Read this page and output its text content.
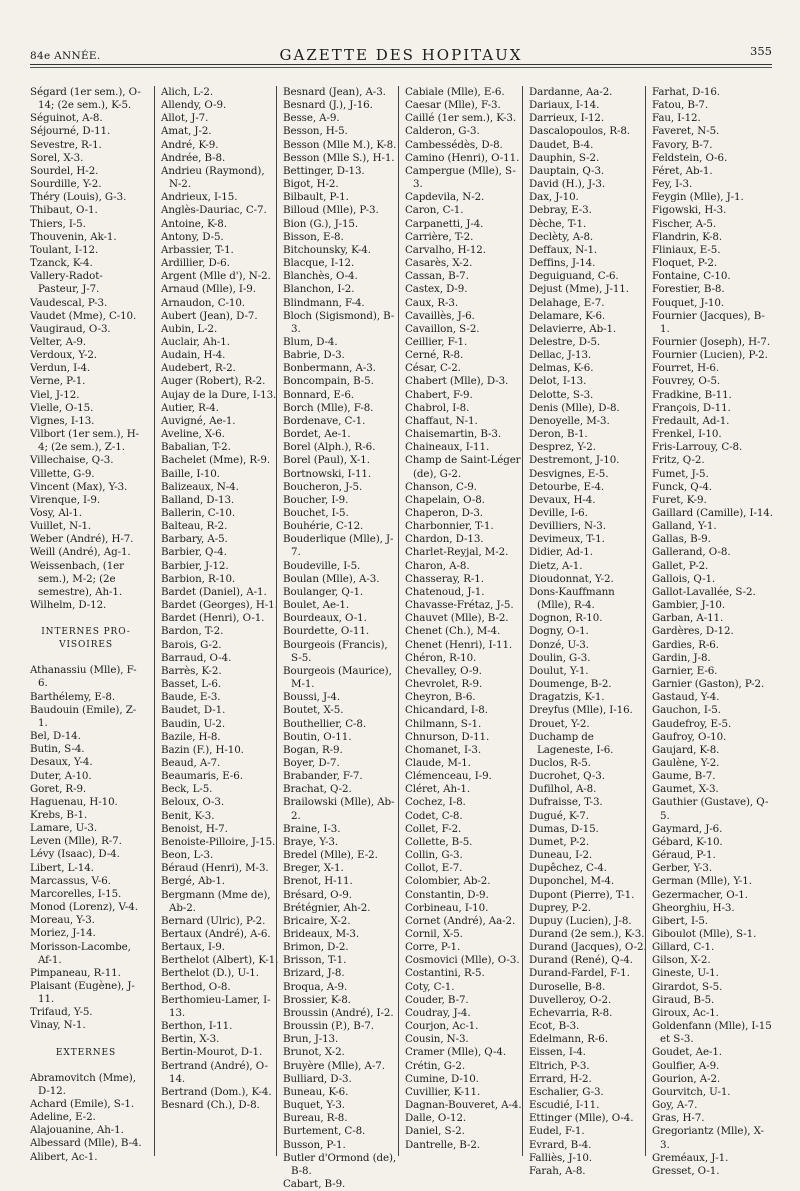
84e ANNÉE.	GAZETTE DES HOPITAUX	355
Ségard (1er sem.), O-14; (2e sem.), K-5.
Séguinot, A-8.
Séjourné, D-11.
Sevestre, R-1.
Sorel, X-3.
Sourdel, H-2.
Sourdille, Y-2.
Théry (Louis), G-3.
Thibaut, O-1.
Thiers, I-5.
Thouvenin, Ak-1.
Toulant, I-12.
Tzanck, K-4.
Vallery-Radot-Pasteur, J-7.
Vaudescal, P-3.
Vaudet (Mme), C-10.
Vaugiraud, O-3.
Velter, A-9.
Verdoux, Y-2.
Verdun, I-4.
Verne, P-1.
Viel, J-12.
Vielle, O-15.
Vignes, I-13.
Vilbort (1er sem.), H-4; (2e sem.), Z-1.
Villechaise, Q-3.
Villette, G-9.
Vincent (Max), Y-3.
Virenque, I-9.
Vosy, Al-1.
Vuillet, N-1.
Weber (André), H-7.
Weill (André), Ag-1.
Weissenbach, (1er sem.), M-2; (2e semestre), Ah-1.
Wilhelm, D-12.
INTERNES PRO-VISOIRES
Athanassiu (Mlle), F-6.
Barthélemy, E-8.
Baudouin (Emile), Z-1.
Bel, D-14.
Butin, S-4.
Desaux, Y-4.
Duter, A-10.
Goret, R-9.
Haguenau, H-10.
Krebs, B-1.
Lamare, U-3.
Leven (Mlle), R-7.
Lévy (Isaac), D-4.
Libert, L-14.
Marcassus, V-6.
Marcorelles, I-15.
Monod (Lorenz), V-4.
Moreau, Y-3.
Moriez, J-14.
Morisson-Lacombe, Af-1.
Pimpaneau, R-11.
Plaisant (Eugène), J-11.
Trifaud, Y-5.
Vinay, N-1.
EXTERNES
Abramovitch (Mme), D-12.
Achard (Emile), S-1.
Adeline, E-2.
Alajouanine, Ah-1.
Albessard (Mlle), B-4.
Alibert, Ac-1.
Alich, L-2.
Allendy, O-9.
Allot, J-7.
Amat, J-2.
André, K-9.
Andrée, B-8.
Andrieu (Raymond), N-2.
Andrieux, I-15.
Anglès-Dauriac, C-7.
Antoine, K-8.
Antony, D-5.
Arbassier, T-1.
Ardillier, D-6.
Argent (Mlle d'), N-2.
Arnaud (Mlle), I-9.
Arnaudon, C-10.
Aubert (Jean), D-7.
Aubin, L-2.
Auclair, Ah-1.
Audain, H-4.
Audebert, R-2.
Auger (Robert), R-2.
Aujay de la Dure, I-13.
Autier, R-4.
Auvigné, Ae-1.
Aveline, X-6.
Babalian, T-2.
Bachelet (Mme), R-9.
Baille, I-10.
Balizeaux, N-4.
Balland, D-13.
Ballerin, C-10.
Balteau, R-2.
Barbary, A-5.
Barbier, Q-4.
Barbier, J-12.
Barbion, R-10.
Bardet (Daniel), A-1.
Bardet (Georges), H-1.
Bardet (Henri), O-1.
Bardon, T-2.
Barois, G-2.
Barraud, O-4.
Barrès, K-2.
Basset, L-6.
Baude, E-3.
Baudet, D-1.
Baudin, U-2.
Bazile, H-8.
Bazin (F.), H-10.
Beaud, A-7.
Beaumaris, E-6.
Beck, L-5.
Beloux, O-3.
Benit, K-3.
Benoist, H-7.
Benoiste-Pilloire, J-15.
Beon, L-3.
Béraud (Henri), M-3.
Bergé, Ab-1.
Bergmann (Mme de), Ab-2.
Bernard (Ulric), P-2.
Bertaux (André), A-6.
Bertaux, I-9.
Berthelot (Albert), K-1.
Berthelot (D.), U-1.
Berthod, O-8.
Berthomieu-Lamer, I-13.
Berthon, I-11.
Bertin, X-3.
Bertin-Mourot, D-1.
Bertrand (André), O-14.
Bertrand (Dom.), K-4.
Besnard (Ch.), D-8.
Besnard (Jean), A-3.
Besnard (J.), J-16.
Besse, A-9.
Besson, H-5.
Besson (Mlle M.), K-8.
Besson (Mlle S.), H-1.
Bettinger, D-13.
Bigot, H-2.
Bilbault, P-1.
Billoud (Mlle), P-3.
Bion (G.), J-15.
Bisson, E-8.
Bitchounsky, K-4.
Blacque, I-12.
Blanchès, O-4.
Blanchon, I-2.
Blindmann, F-4.
Bloch (Sigismond), B-3.
Blum, D-4.
Babrie, D-3.
Bonbermann, A-3.
Boncompain, B-5.
Bonnard, E-6.
Borch (Mlle), F-8.
Bordenave, C-1.
Bordet, Ae-1.
Borel (Alph.), R-6.
Borel (Paul), X-1.
Bortnowski, I-11.
Boucheron, J-5.
Boucher, I-9.
Bouchet, I-5.
Bouhérie, C-12.
Bouderlique (Mlle), J-7.
Boudeville, I-5.
Boulan (Mlle), A-3.
Boulanger, Q-1.
Boulet, Ae-1.
Bourdeaux, O-1.
Bourdette, O-11.
Bourgeois (Francis), S-5.
Bourgeois (Maurice), M-1.
Boussi, J-4.
Boutet, X-5.
Bouthellier, C-8.
Boutin, O-11.
Bogan, R-9.
Boyer, D-7.
Brabander, F-7.
Brachat, Q-2.
Brailowski (Mlle), Ab-2.
Braine, I-3.
Braye, Y-3.
Bredel (Mlle), E-2.
Breger, X-1.
Brenot, H-11.
Brésard, O-9.
Brétégnier, Ah-2.
Bricaire, X-2.
Brideaux, M-3.
Brimon, D-2.
Brisson, T-1.
Brizard, J-8.
Broqua, A-9.
Brossier, K-8.
Broussin (André), I-2.
Broussin (P.), B-7.
Brun, J-13.
Brunot, X-2.
Bruyère (Mlle), A-7.
Bulliard, D-3.
Buneau, K-6.
Buquet, Y-3.
Bureau, R-8.
Burtement, C-8.
Busson, P-1.
Butler d'Ormond (de), B-8.
Cabart, B-9.
Cabiale (Mlle), E-6.
Caesar (Mlle), F-3.
Caillé (1er sem.), K-3.
Calderon, G-3.
Cambessédès, D-8.
Camino (Henri), O-11.
Campergue (Mlle), S-3.
Capdevila, N-2.
Caron, C-1.
Carpanetti, J-4.
Carrière, T-2.
Carvalho, H-12.
Casarès, X-2.
Cassan, B-7.
Castex, D-9.
Caux, R-3.
Cavaillès, J-6.
Cavaillon, S-2.
Ceillier, F-1.
Cerné, R-8.
César, C-2.
Chabert (Mlle), D-3.
Chabert, F-9.
Chabrol, I-8.
Chaffaut, N-1.
Chaisemartin, B-3.
Chaineaux, I-11.
Champ de Saint-Léger (de), G-2.
Chanson, C-9.
Chapelain, O-8.
Chaperon, D-3.
Charbonnier, T-1.
Chardon, D-13.
Charlet-Reyjal, M-2.
Charon, A-8.
Chasseray, R-1.
Chatenoud, J-1.
Chavasse-Frétaz, J-5.
Chauvet (Mlle), B-2.
Chenet (Ch.), M-4.
Chenet (Henri), I-11.
Chéron, R-10.
Chevalley, O-9.
Chevrolet, R-9.
Cheyron, B-6.
Chicandard, I-8.
Chilmann, S-1.
Chnurson, D-11.
Chomanet, I-3.
Claude, M-1.
Clémenceau, I-9.
Cléret, Ah-1.
Cochez, I-8.
Codet, C-8.
Collet, F-2.
Collette, B-5.
Collin, G-3.
Collot, E-7.
Colombier, Ab-2.
Constantin, D-9.
Corbineau, I-10.
Cornet (André), Aa-2.
Cornil, X-5.
Corre, P-1.
Cosmovici (Mlle), O-3.
Costantini, R-5.
Coty, C-1.
Couder, B-7.
Coudray, J-4.
Courjon, Ac-1.
Cousin, N-3.
Cramer (Mlle), Q-4.
Crétin, G-2.
Cumine, D-10.
Cuvillier, K-11.
Dagnan-Bouveret, A-4.
Dalle, O-12.
Daniel, S-2.
Dantrelle, B-2.
Dardanne, Aa-2.
Dariaux, I-14.
Darrieux, I-12.
Dascalopoulos, R-8.
Daudet, B-4.
Dauphin, S-2.
Dauptain, Q-3.
David (H.), J-3.
Dax, J-10.
Debray, E-3.
Dèche, T-1.
Declèty, A-8.
Deffaux, N-1.
Deffins, J-14.
Deguiguand, C-6.
Dejust (Mme), J-11.
Delahage, E-7.
Delamare, K-6.
Delavierre, Ab-1.
Delestre, D-5.
Dellac, J-13.
Delmas, K-6.
Delot, I-13.
Delotte, S-3.
Denis (Mlle), D-8.
Denoyelle, M-3.
Deron, B-1.
Desprez, Y-2.
Destremont, J-10.
Desvignes, E-5.
Detourbe, E-4.
Devaux, H-4.
Deville, I-6.
Devilliers, N-3.
Devimeux, T-1.
Didier, Ad-1.
Dietz, A-1.
Dioudonnat, Y-2.
Dons-Kauffmann (Mlle), R-4.
Dognon, R-10.
Dogny, O-1.
Donzé, U-3.
Doulin, G-3.
Doulut, Y-1.
Doumenge, B-2.
Dragatzis, K-1.
Dreyfus (Mlle), I-16.
Drouet, Y-2.
Duchamp de Lageneste, I-6.
Duclos, R-5.
Ducrohet, Q-3.
Dufilhol, A-8.
Dufraisse, T-3.
Dugué, K-7.
Dumas, D-15.
Dumet, P-2.
Duneau, I-2.
Dupêchez, C-4.
Duponchel, M-4.
Dupont (Pierre), T-1.
Duprey, P-2.
Dupuy (Lucien), J-8.
Durand (2e sem.), K-3.
Durand (Jacques), O-2.
Durand (René), Q-4.
Durand-Fardel, F-1.
Duroselle, B-8.
Duvelleroy, O-2.
Echevarria, R-8.
Ecot, B-3.
Edelmann, R-6.
Eissen, I-4.
Eltrich, P-3.
Errard, H-2.
Eschalier, G-3.
Escudié, I-11.
Ettinger (Mlle), O-4.
Eudel, F-1.
Evrard, B-4.
Falliès, J-10.
Farah, A-8.
Farhat, D-16.
Fatou, B-7.
Fau, I-12.
Faveret, N-5.
Favory, B-7.
Feldstein, O-6.
Féret, Ab-1.
Fey, I-3.
Feygin (Mlle), J-1.
Figowski, H-3.
Fischer, A-5.
Flandrin, K-8.
Fliniaux, E-5.
Floquet, P-2.
Fontaine, C-10.
Forestier, B-8.
Fouquet, J-10.
Fournier (Jacques), B-1.
Fournier (Joseph), H-7.
Fournier (Lucien), P-2.
Fourret, H-6.
Fouvrey, O-5.
Fradkine, B-11.
François, D-11.
Fredault, Ad-1.
Frenkel, I-10.
Fris-Larrouy, C-8.
Fritz, Q-2.
Fumet, J-5.
Funck, Q-4.
Furet, K-9.
Gaillard (Camille), I-14.
Galland, Y-1.
Gallas, B-9.
Gallerand, O-8.
Gallet, P-2.
Gallois, Q-1.
Gallot-Lavallée, S-2.
Gambier, J-10.
Garban, A-11.
Gardères, D-12.
Gardies, R-6.
Gardin, J-8.
Garnier, E-6.
Garnier (Gaston), P-2.
Gastaud, Y-4.
Gauchon, I-5.
Gaudefroy, E-5.
Gaufroy, O-10.
Gaujard, K-8.
Gaulène, Y-2.
Gaume, B-7.
Gaumet, X-3.
Gauthier (Gustave), Q-5.
Gaymard, J-6.
Gébard, K-10.
Géraud, P-1.
Gerber, Y-3.
German (Mlle), Y-1.
Gezermacher, O-1.
Gheorghiu, H-3.
Gibert, I-5.
Giboulot (Mlle), S-1.
Gillard, C-1.
Gilson, X-2.
Gineste, U-1.
Girardot, S-5.
Giraud, B-5.
Giroux, Ac-1.
Goldenfann (Mlle), I-15 et S-3.
Goudet, Ae-1.
Goulfier, A-9.
Gourion, A-2.
Gourvitch, U-1.
Goy, A-7.
Gras, H-7.
Gregoriantz (Mlle), X-3.
Greméaux, J-1.
Gresset, O-1.
